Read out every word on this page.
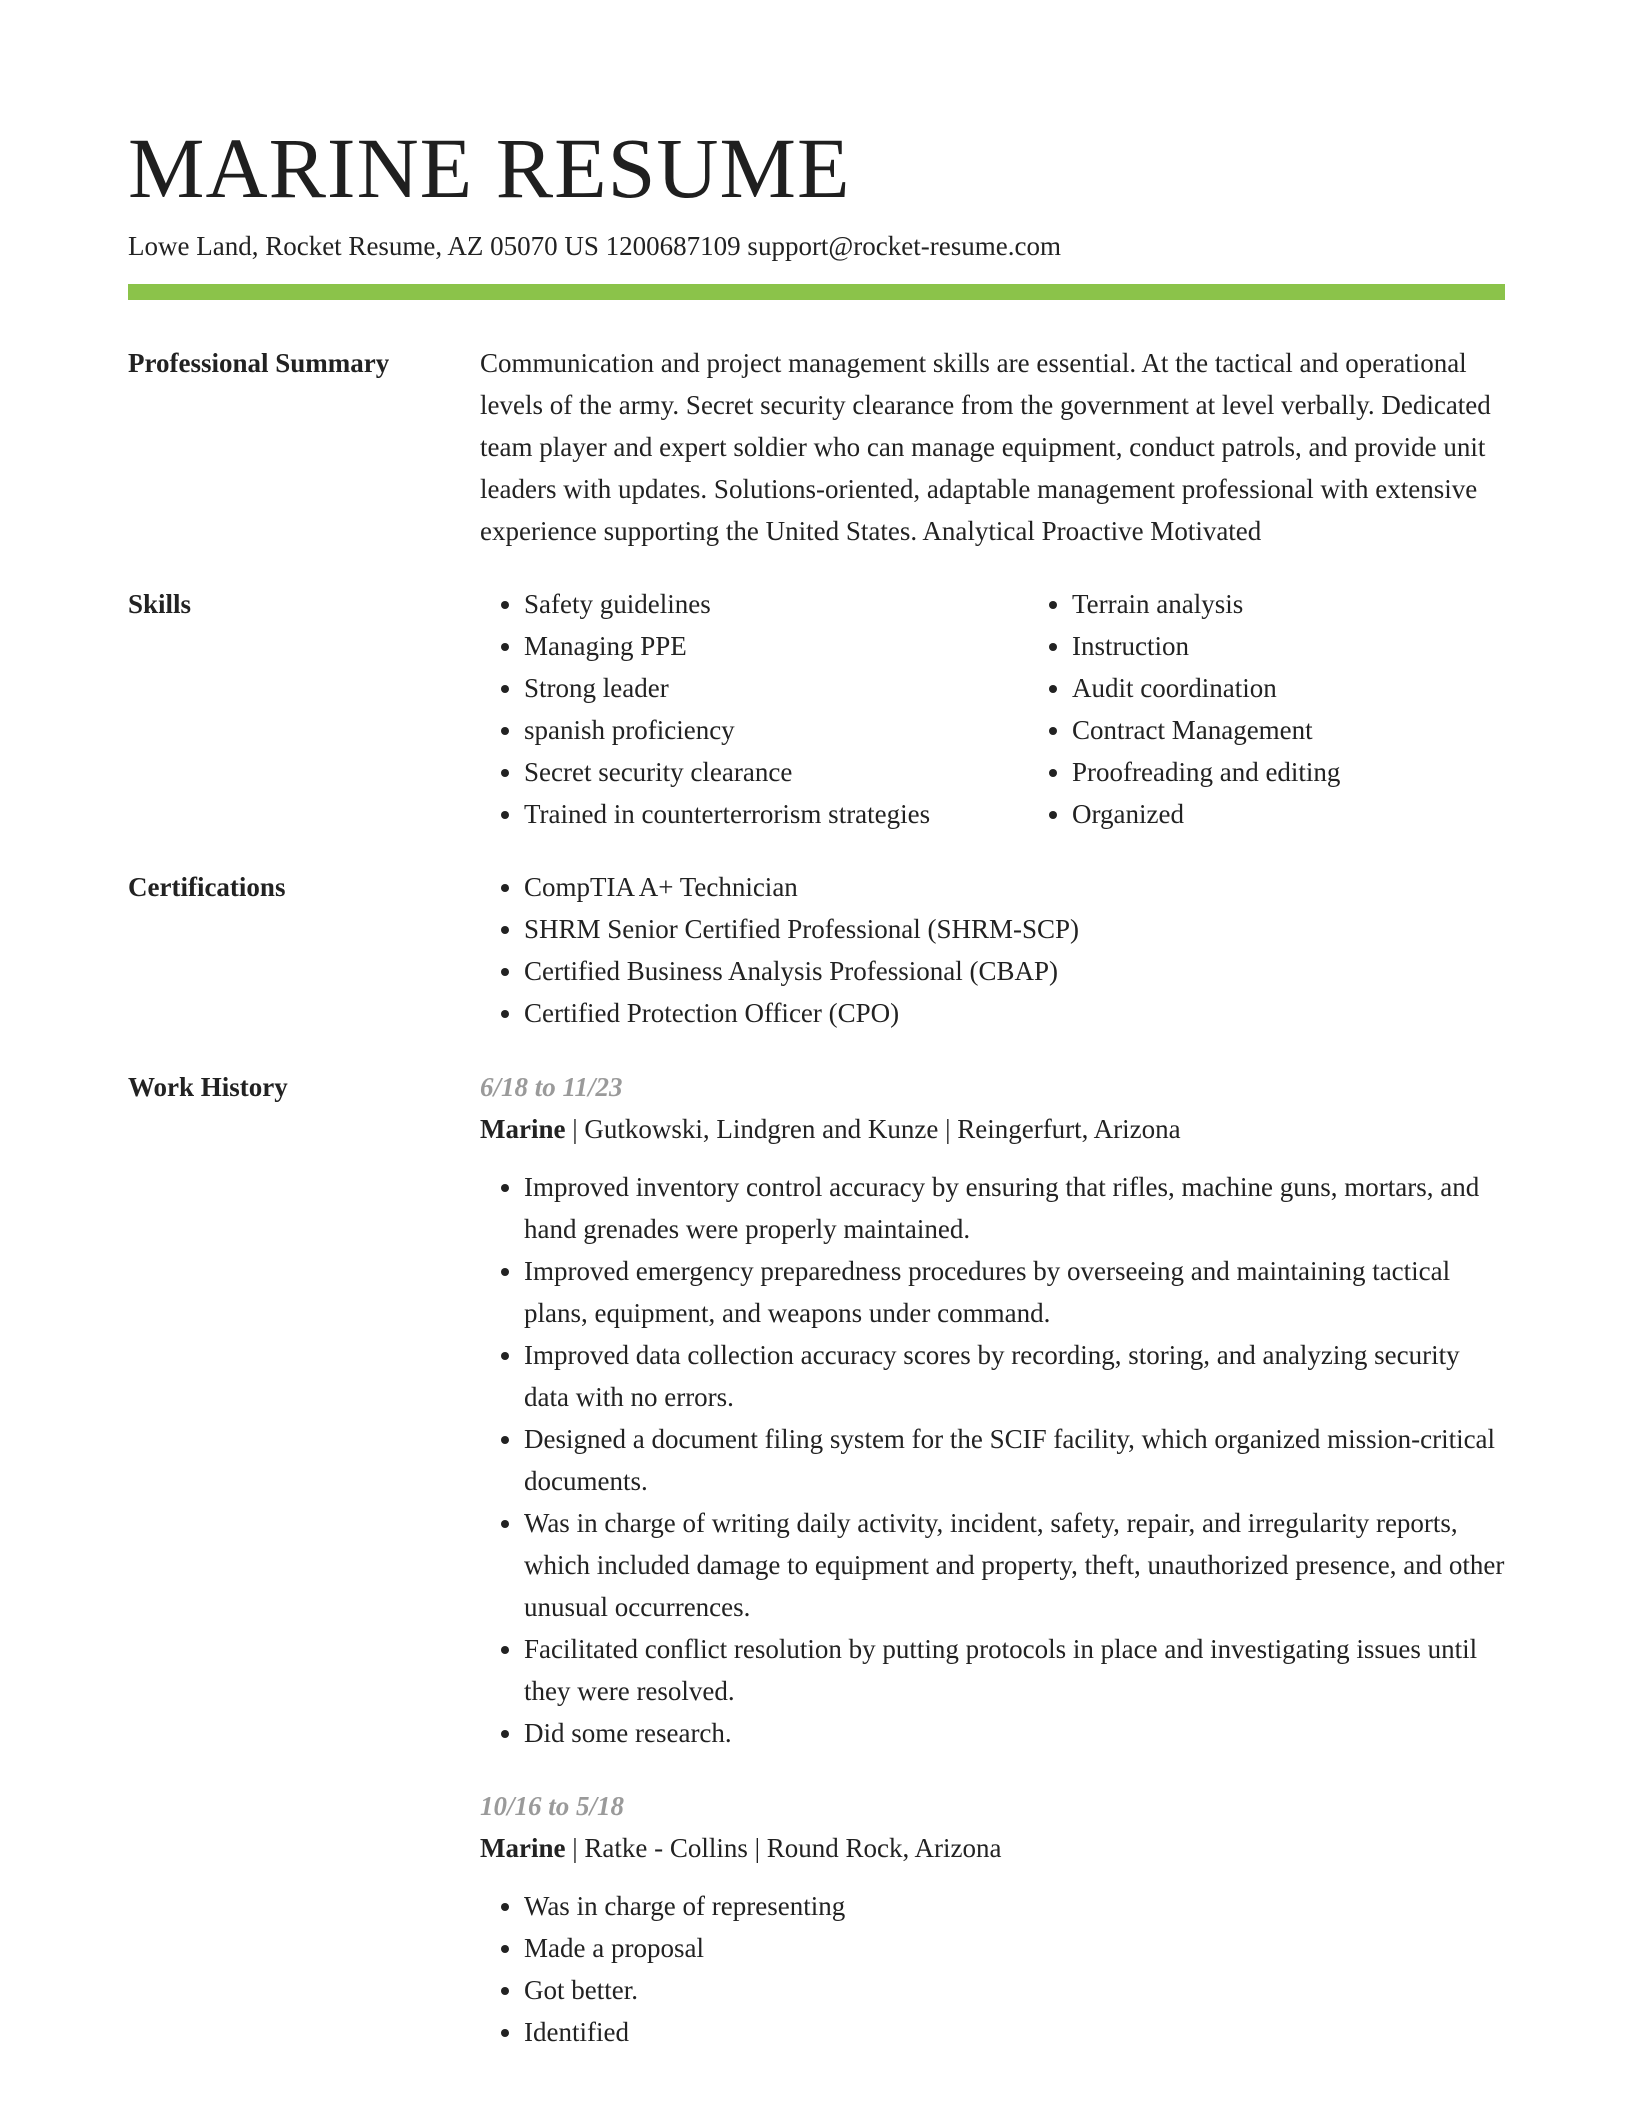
MARINE RESUME
Lowe Land, Rocket Resume, AZ 05070 US 1200687109 support@rocket-resume.com
Professional Summary	Communication and project management skills are essential. At the tactical and operational levels of the army. Secret security clearance from the government at level verbally. Dedicated team player and expert soldier who can manage equipment, conduct patrols, and provide unit leaders with updates. Solutions-oriented, adaptable management professional with extensive experience supporting the United States. Analytical Proactive Motivated
Skills	• Safety guidelines
• Managing PPE
• Strong leader
• spanish proficiency
• Secret security clearance
• Trained in counterterrorism strategies
• Terrain analysis
• Instruction
• Audit coordination
• Contract Management
• Proofreading and editing
• Organized
Certifications	• CompTIA A+ Technician
• SHRM Senior Certified Professional (SHRM-SCP)
• Certified Business Analysis Professional (CBAP)
• Certified Protection Officer (CPO)
Work History	6/18 to 11/23
Marine | Gutkowski, Lindgren and Kunze | Reingerfurt, Arizona
• Improved inventory control accuracy by ensuring that rifles, machine guns, mortars, and hand grenades were properly maintained.
• Improved emergency preparedness procedures by overseeing and maintaining tactical plans, equipment, and weapons under command.
• Improved data collection accuracy scores by recording, storing, and analyzing security data with no errors.
• Designed a document filing system for the SCIF facility, which organized mission-critical documents.
• Was in charge of writing daily activity, incident, safety, repair, and irregularity reports, which included damage to equipment and property, theft, unauthorized presence, and other unusual occurrences.
• Facilitated conflict resolution by putting protocols in place and investigating issues until they were resolved.
• Did some research.
10/16 to 5/18
Marine | Ratke - Collins | Round Rock, Arizona
• Was in charge of representing
• Made a proposal
• Got better.
• Identified
